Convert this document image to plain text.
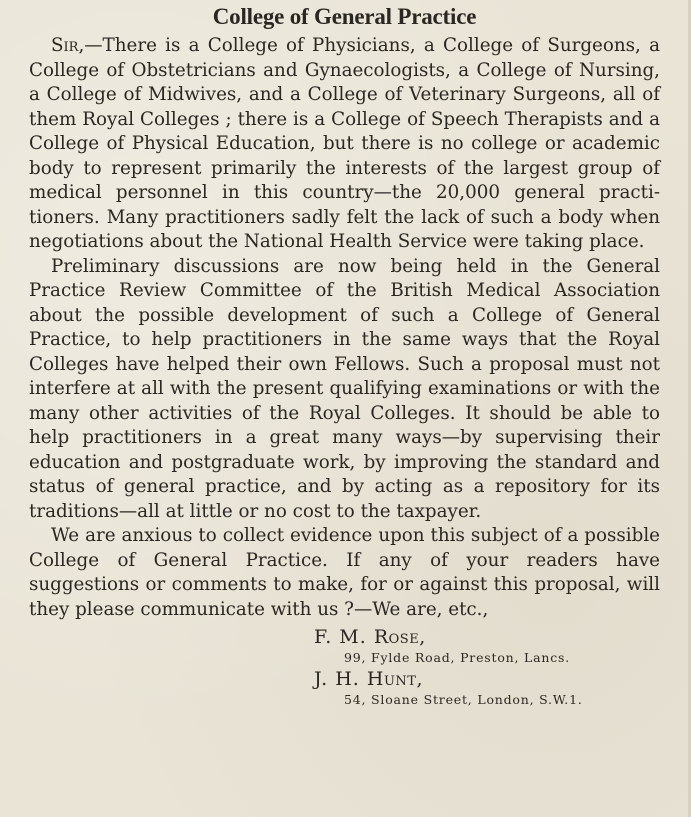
College of General Practice

Sir,—There is a College of Physicians, a College of Surgeons, a College of Obstetricians and Gynaecologists, a College of Nursing, a College of Midwives, and a College of Veterinary Surgeons, all of them Royal Colleges ; there is a College of Speech Therapists and a College of Physical Education, but there is no college or academic body to represent primarily the interests of the largest group of medical personnel in this country—the 20,000 general practitioners. Many practitioners sadly felt the lack of such a body when negotiations about the National Health Service were taking place.

Preliminary discussions are now being held in the General Practice Review Committee of the British Medical Association about the possible development of such a College of General Practice, to help practitioners in the same ways that the Royal Colleges have helped their own Fellows. Such a proposal must not interfere at all with the present qualifying examinations or with the many other activities of the Royal Colleges. It should be able to help practitioners in a great many ways—by supervising their education and postgraduate work, by improving the standard and status of general practice, and by acting as a repository for its traditions—all at little or no cost to the taxpayer.

We are anxious to collect evidence upon this subject of a possible College of General Practice. If any of your readers have suggestions or comments to make, for or against this proposal, will they please communicate with us ?—We are, etc.,

F. M. Rose,
99, Fylde Road, Preston, Lancs.
J. H. Hunt,
54, Sloane Street, London, S.W.1.
